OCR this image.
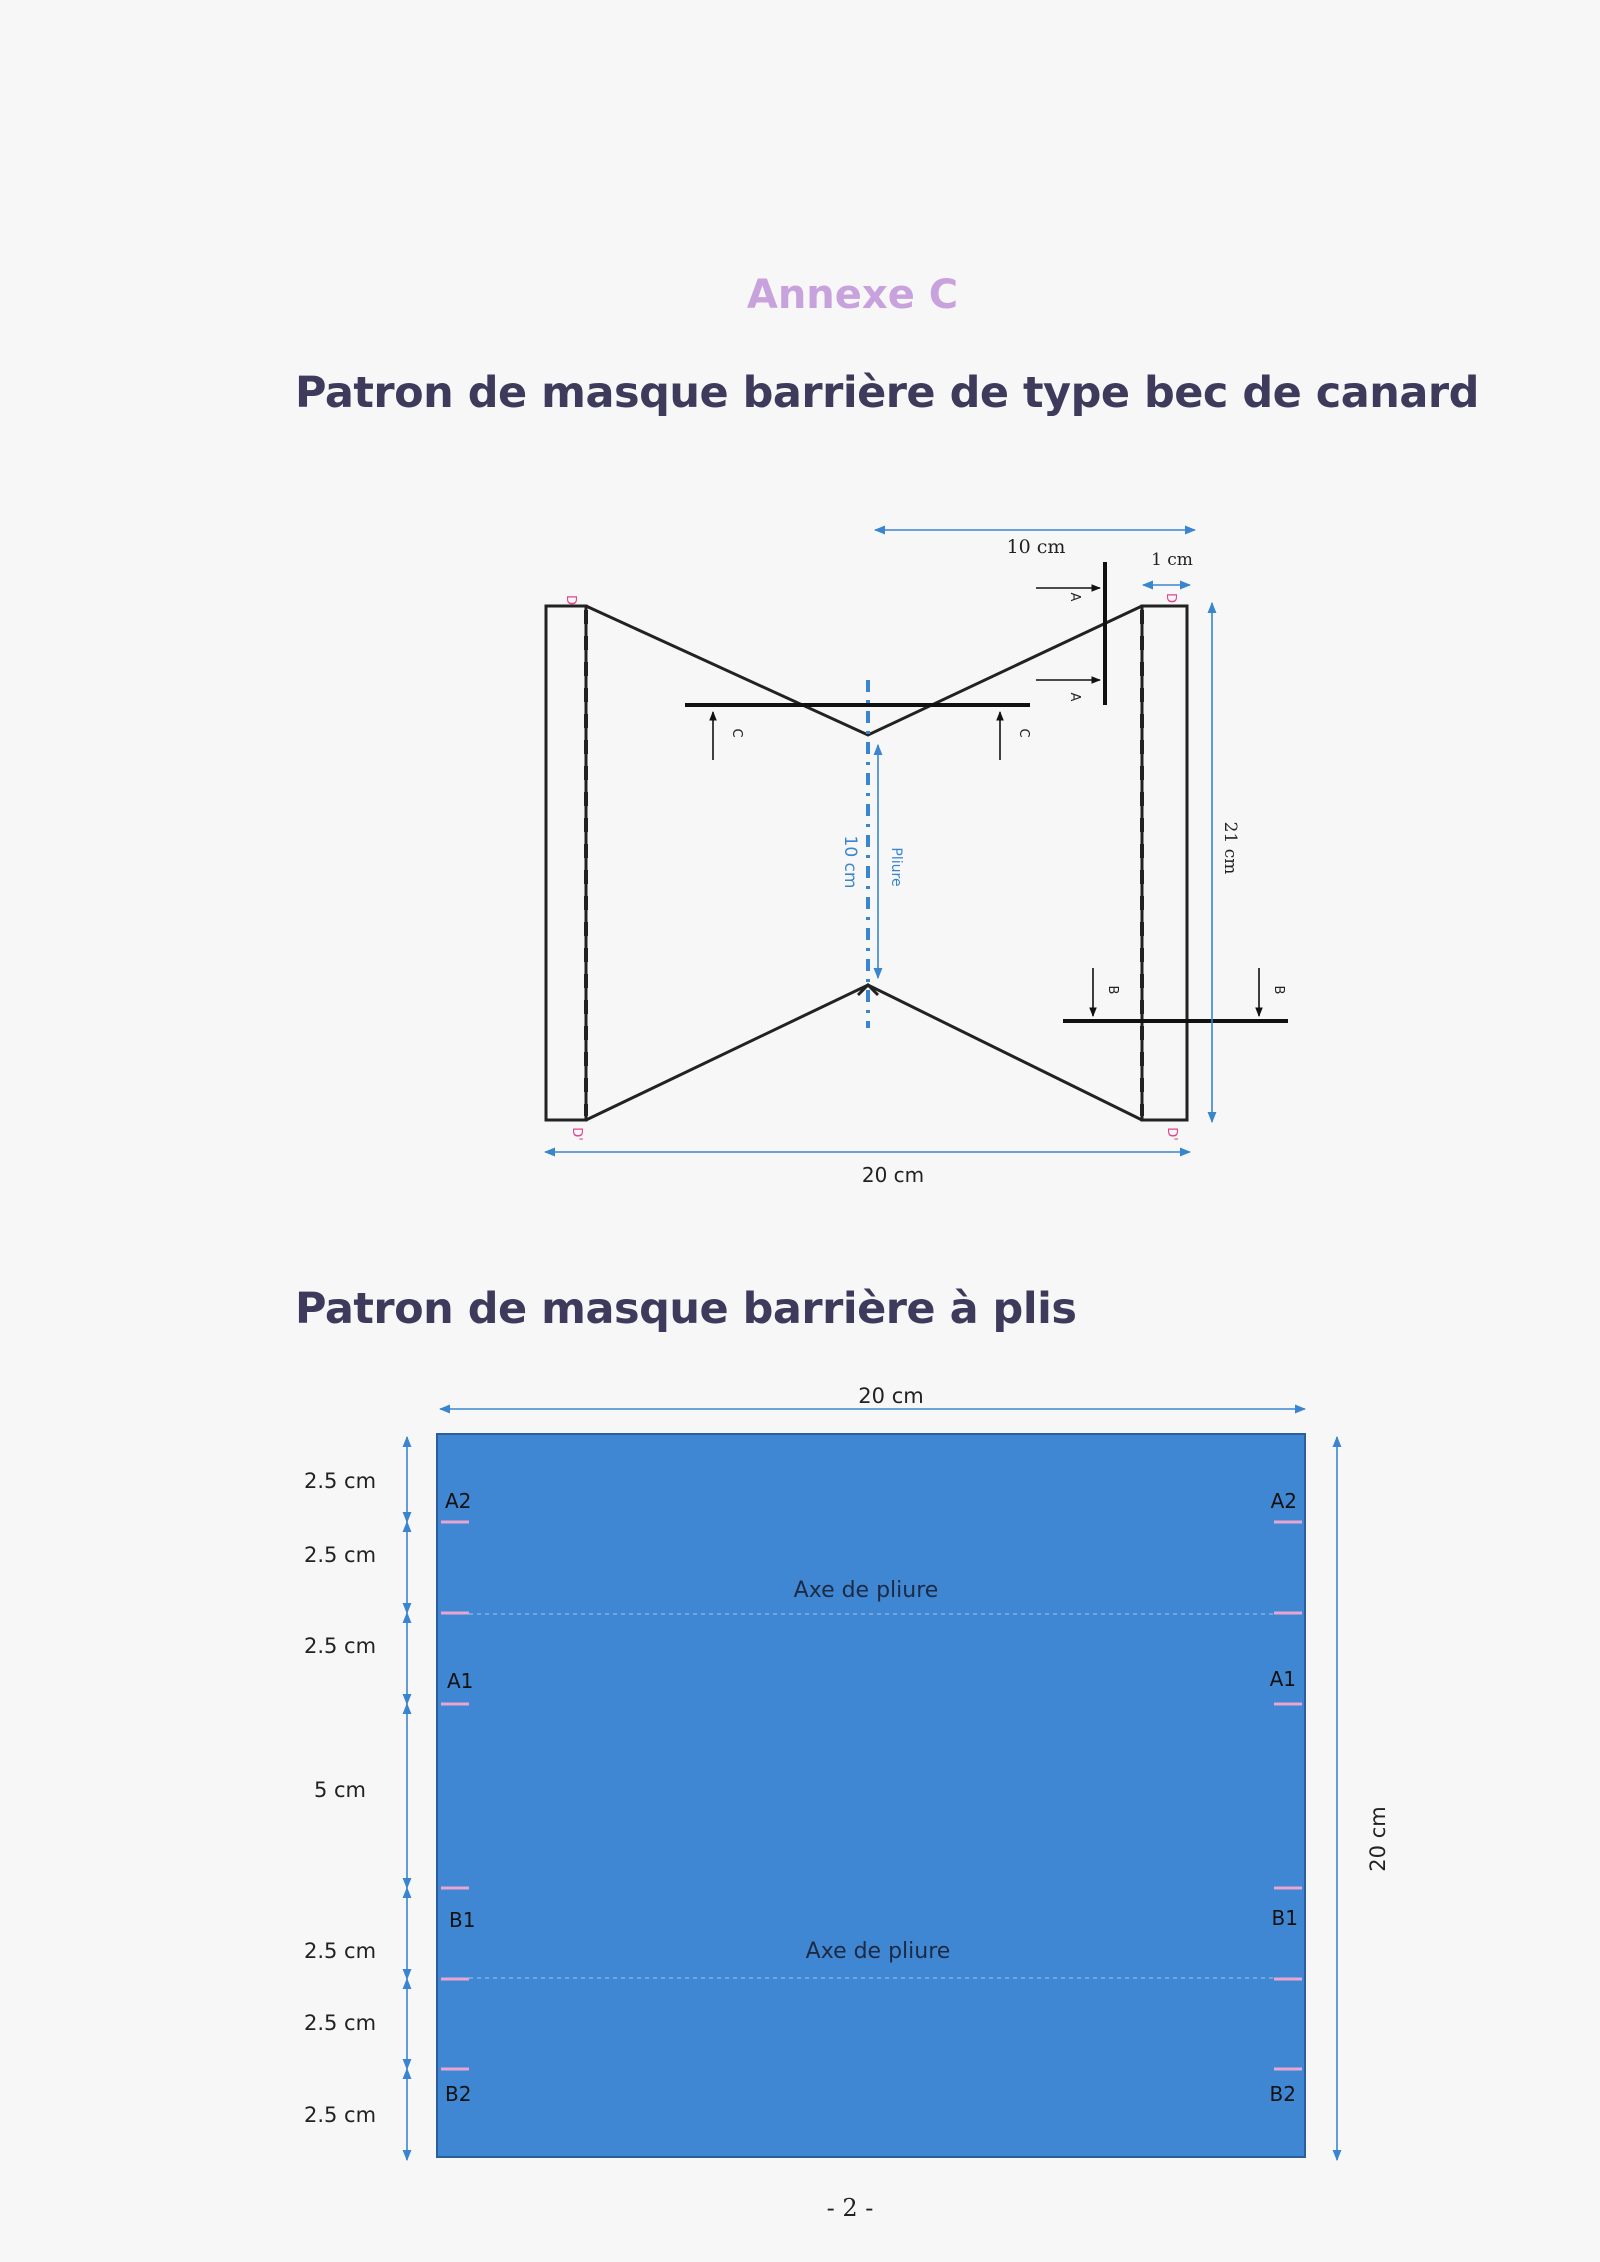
Annexe C
Patron de masque barrière de type bec de canard
Patron de masque barrière à plis
10 cm Pliure
C	C
A
A
B	B
D	D
D'	D'
10 cm
1 cm
21 cm
20 cm
Axe de pliure
Axe de pliure
A2	A2
A1	A1
B1	B1
B2	B2
20 cm
20 cm
2.5 cm
2.5 cm
2.5 cm
5 cm
2.5 cm
2.5 cm
2.5 cm
- 2 -
